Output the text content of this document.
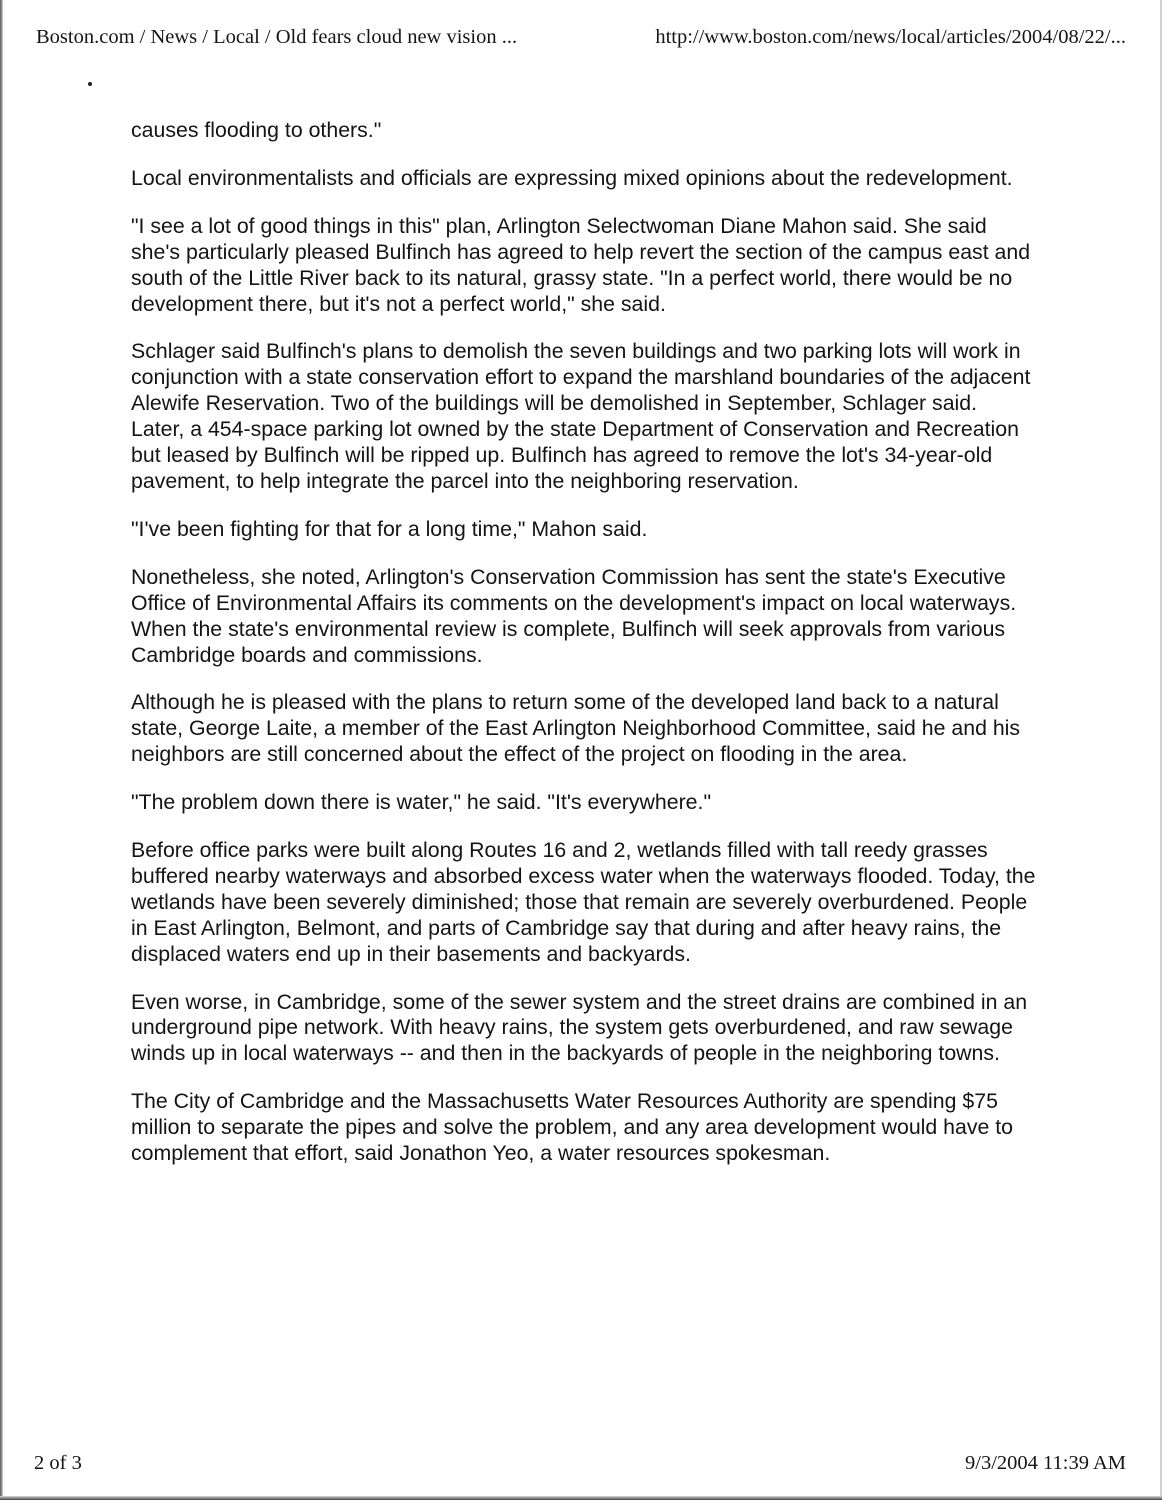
Boston.com / News / Local / Old fears cloud new vision ...	http://www.boston.com/news/local/articles/2004/08/22/...

causes flooding to others."

Local environmentalists and officials are expressing mixed opinions about the redevelopment.

"I see a lot of good things in this" plan, Arlington Selectwoman Diane Mahon said. She said she's particularly pleased Bulfinch has agreed to help revert the section of the campus east and south of the Little River back to its natural, grassy state. "In a perfect world, there would be no development there, but it's not a perfect world," she said.

Schlager said Bulfinch's plans to demolish the seven buildings and two parking lots will work in conjunction with a state conservation effort to expand the marshland boundaries of the adjacent Alewife Reservation. Two of the buildings will be demolished in September, Schlager said. Later, a 454-space parking lot owned by the state Department of Conservation and Recreation but leased by Bulfinch will be ripped up. Bulfinch has agreed to remove the lot's 34-year-old pavement, to help integrate the parcel into the neighboring reservation.

"I've been fighting for that for a long time," Mahon said.

Nonetheless, she noted, Arlington's Conservation Commission has sent the state's Executive Office of Environmental Affairs its comments on the development's impact on local waterways. When the state's environmental review is complete, Bulfinch will seek approvals from various Cambridge boards and commissions.

Although he is pleased with the plans to return some of the developed land back to a natural state, George Laite, a member of the East Arlington Neighborhood Committee, said he and his neighbors are still concerned about the effect of the project on flooding in the area.

"The problem down there is water," he said. "It's everywhere."

Before office parks were built along Routes 16 and 2, wetlands filled with tall reedy grasses buffered nearby waterways and absorbed excess water when the waterways flooded. Today, the wetlands have been severely diminished; those that remain are severely overburdened. People in East Arlington, Belmont, and parts of Cambridge say that during and after heavy rains, the displaced waters end up in their basements and backyards.

Even worse, in Cambridge, some of the sewer system and the street drains are combined in an underground pipe network. With heavy rains, the system gets overburdened, and raw sewage winds up in local waterways -- and then in the backyards of people in the neighboring towns.

The City of Cambridge and the Massachusetts Water Resources Authority are spending $75 million to separate the pipes and solve the problem, and any area development would have to complement that effort, said Jonathon Yeo, a water resources spokesman.

2 of 3	9/3/2004 11:39 AM
